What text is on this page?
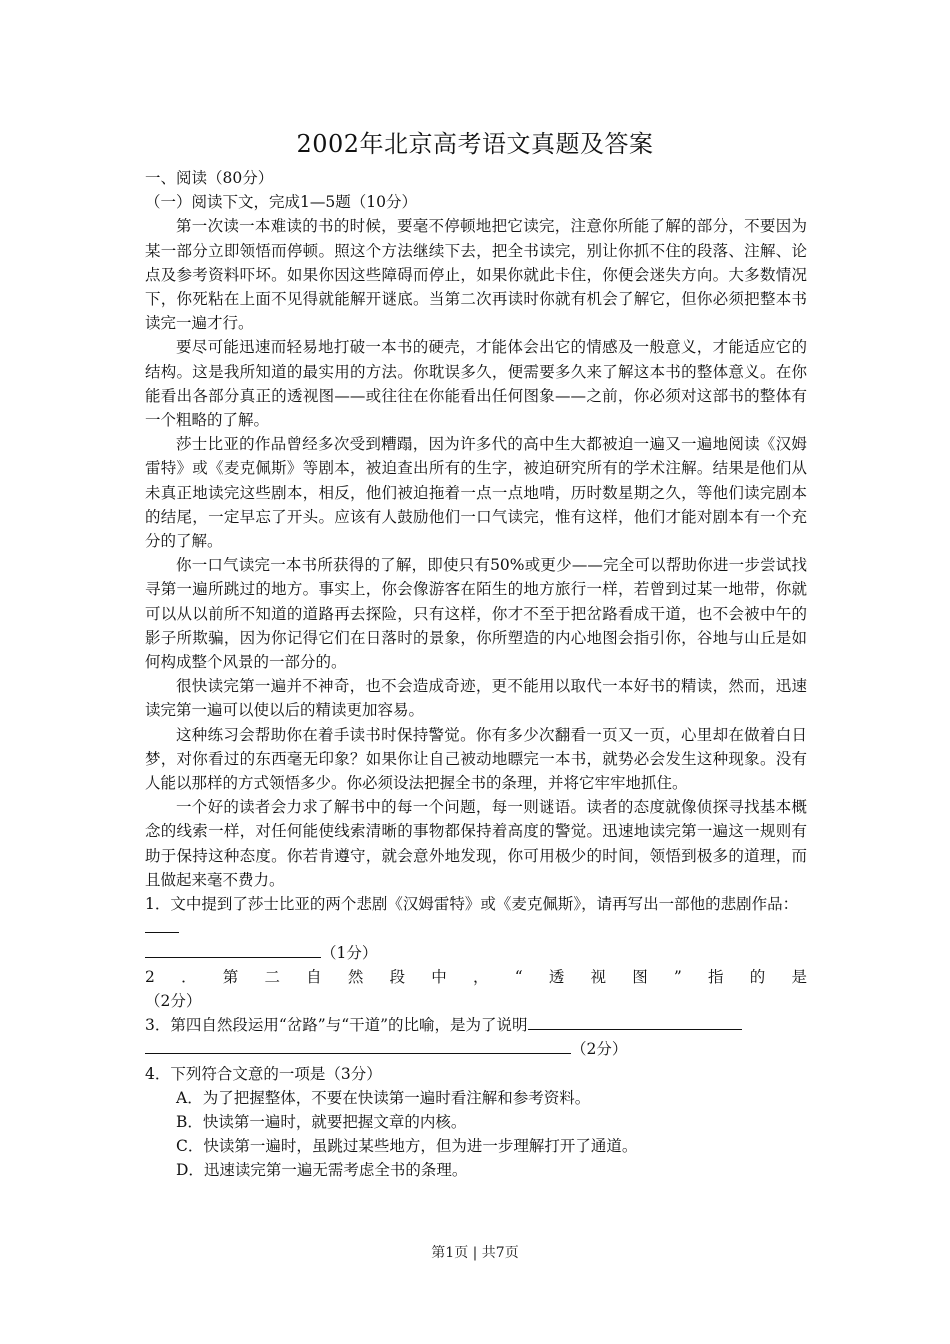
2002年北京高考语文真题及答案

一、阅读（80分）

（一）阅读下文，完成1—5题（10分）

第一次读一本难读的书的时候，要毫不停顿地把它读完，注意你所能了解的部分，不要因为某一部分立即领悟而停顿。照这个方法继续下去，把全书读完，别让你抓不住的段落、注解、论点及参考资料吓坏。如果你因这些障碍而停止，如果你就此卡住，你便会迷失方向。大多数情况下，你死粘在上面不见得就能解开谜底。当第二次再读时你就有机会了解它，但你必须把整本书读完一遍才行。

要尽可能迅速而轻易地打破一本书的硬壳，才能体会出它的情感及一般意义，才能适应它的结构。这是我所知道的最实用的方法。你耽误多久，便需要多久来了解这本书的整体意义。在你能看出各部分真正的透视图——或往往在你能看出任何图象——之前，你必须对这部书的整体有一个粗略的了解。

莎士比亚的作品曾经多次受到糟蹋，因为许多代的高中生大都被迫一遍又一遍地阅读《汉姆雷特》或《麦克佩斯》等剧本，被迫查出所有的生字，被迫研究所有的学术注解。结果是他们从未真正地读完这些剧本，相反，他们被迫拖着一点一点地啃，历时数星期之久，等他们读完剧本的结尾，一定早忘了开头。应该有人鼓励他们一口气读完，惟有这样，他们才能对剧本有一个充分的了解。

你一口气读完一本书所获得的了解，即使只有50%或更少——完全可以帮助你进一步尝试找寻第一遍所跳过的地方。事实上，你会像游客在陌生的地方旅行一样，若曾到过某一地带，你就可以从以前所不知道的道路再去探险，只有这样，你才不至于把岔路看成干道，也不会被中午的影子所欺骗，因为你记得它们在日落时的景象，你所塑造的内心地图会指引你，谷地与山丘是如何构成整个风景的一部分的。

很快读完第一遍并不神奇，也不会造成奇迹，更不能用以取代一本好书的精读，然而，迅速读完第一遍可以使以后的精读更加容易。

这种练习会帮助你在着手读书时保持警觉。你有多少次翻看一页又一页，心里却在做着白日梦，对你看过的东西毫无印象？如果你让自己被动地瞟完一本书，就势必会发生这种现象。没有人能以那样的方式领悟多少。你必须设法把握全书的条理，并将它牢牢地抓住。

一个好的读者会力求了解书中的每一个问题，每一则谜语。读者的态度就像侦探寻找基本概念的线索一样，对任何能使线索清晰的事物都保持着高度的警觉。迅速地读完第一遍这一规则有助于保持这种态度。你若肯遵守，就会意外地发现，你可用极少的时间，领悟到极多的道理，而且做起来毫不费力。

1．文中提到了莎士比亚的两个悲剧《汉姆雷特》或《麦克佩斯》，请再写出一部他的悲剧作品：

（1分）

2 ． 第 二 自 然 段 中 ， “ 透 视 图 ” 指 的 是

（2分）

3．第四自然段运用“岔路”与“干道”的比喻，是为了说明

（2分）

4．下列符合文意的一项是（3分）

A．为了把握整体，不要在快读第一遍时看注解和参考资料。

B．快读第一遍时，就要把握文章的内核。

C．快读第一遍时，虽跳过某些地方，但为进一步理解打开了通道。

D．迅速读完第一遍无需考虑全书的条理。

第1页 | 共7页
